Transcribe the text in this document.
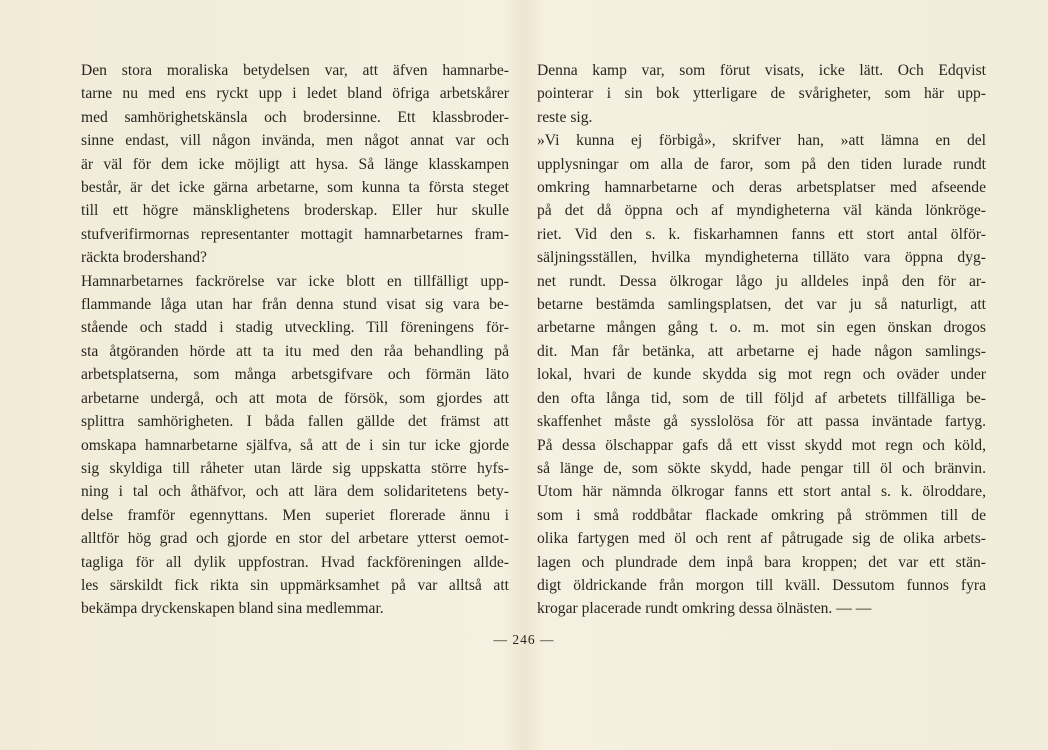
Den stora moraliska betydelsen var, att äfven hamnarbe-
tarne nu med ens ryckt upp i ledet bland öfriga arbetskårer
med samhörighetskänsla och brodersinne. Ett klassbroder-
sinne endast, vill någon invända, men något annat var och
är väl för dem icke möjligt att hysa. Så länge klasskampen
består, är det icke gärna arbetarne, som kunna ta första steget
till ett högre mänsklighetens broderskap. Eller hur skulle
stufverifirmornas representanter mottagit hamnarbetarnes fram-
räckta brodershand?

Hamnarbetarnes fackrörelse var icke blott en tillfälligt upp-
flammande låga utan har från denna stund visat sig vara be-
stående och stadd i stadig utveckling. Till föreningens för-
sta åtgöranden hörde att ta itu med den råa behandling på
arbetsplatserna, som många arbetsgifvare och förmän läto
arbetarne undergå, och att mota de försök, som gjordes att
splittra samhörigheten. I båda fallen gällde det främst att
omskapa hamnarbetarne själfva, så att de i sin tur icke gjorde
sig skyldiga till råheter utan lärde sig uppskatta större hyfs-
ning i tal och åthäfvor, och att lära dem solidaritetens bety-
delse framför egennyttans. Men superiet florerade ännu i
alltför hög grad och gjorde en stor del arbetare ytterst oemot-
tagliga för all dylik uppfostran. Hvad fackföreningen allde-
les särskildt fick rikta sin uppmärksamhet på var alltså att
bekämpa dryckenskapen bland sina medlemmar.

Denna kamp var, som förut visats, icke lätt. Och Edqvist
pointerar i sin bok ytterligare de svårigheter, som här upp-
reste sig.

»Vi kunna ej förbigå», skrifver han, »att lämna en del
upplysningar om alla de faror, som på den tiden lurade rundt
omkring hamnarbetarne och deras arbetsplatser med afseende
på det då öppna och af myndigheterna väl kända lönkröge-
riet. Vid den s. k. fiskarhamnen fanns ett stort antal ölför-
säljningsställen, hvilka myndigheterna tilläto vara öppna dyg-
net rundt. Dessa ölkrogar lågo ju alldeles inpå den för ar-
betarne bestämda samlingsplatsen, det var ju så naturligt, att
arbetarne mången gång t. o. m. mot sin egen önskan drogos
dit. Man får betänka, att arbetarne ej hade någon samlings-
lokal, hvari de kunde skydda sig mot regn och oväder under
den ofta långa tid, som de till följd af arbetets tillfälliga be-
skaffenhet måste gå sysslolösa för att passa inväntade fartyg.
På dessa ölschappar gafs då ett visst skydd mot regn och köld,
så länge de, som sökte skydd, hade pengar till öl och bränvin.
Utom här nämnda ölkrogar fanns ett stort antal s. k. ölroddare,
som i små roddbåtar flackade omkring på strömmen till de
olika fartygen med öl och rent af påtrugade sig de olika arbets-
lagen och plundrade dem inpå bara kroppen; det var ett stän-
digt öldrickande från morgon till kväll. Dessutom funnos fyra
krogar placerade rundt omkring dessa ölnästen. — —

— 246 —
